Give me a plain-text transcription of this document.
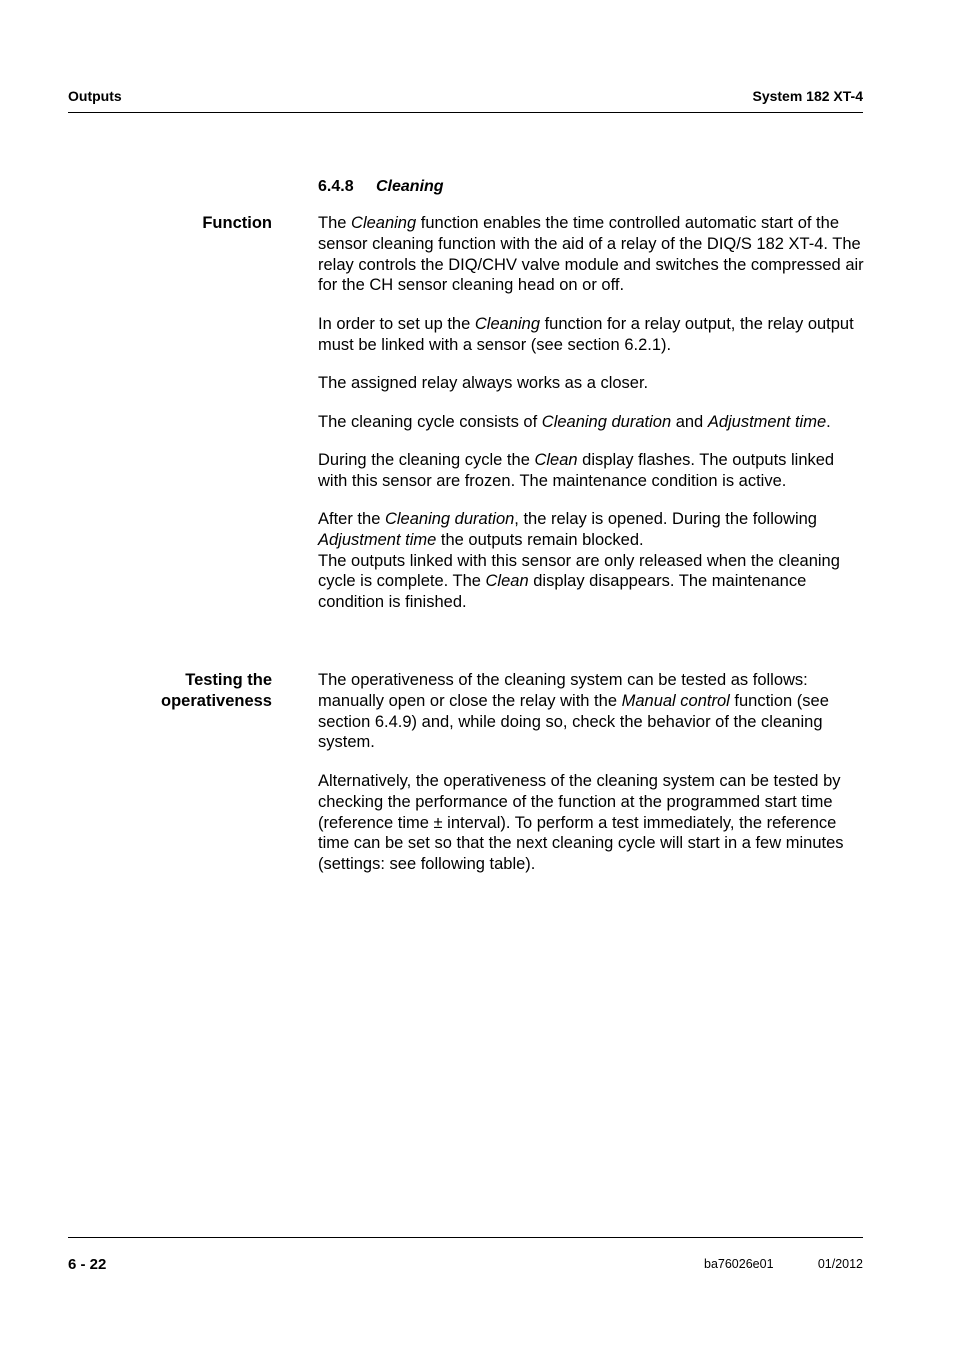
Outputs	System 182 XT-4
6.4.8 Cleaning
Function	The Cleaning function enables the time controlled automatic start of the sensor cleaning function with the aid of a relay of the DIQ/S 182 XT-4. The relay controls the DIQ/CHV valve module and switches the compressed air for the CH sensor cleaning head on or off.
In order to set up the Cleaning function for a relay output, the relay output must be linked with a sensor (see section 6.2.1).
The assigned relay always works as a closer.
The cleaning cycle consists of Cleaning duration and Adjustment time.
During the cleaning cycle the Clean display flashes. The outputs linked with this sensor are frozen. The maintenance condition is active.
After the Cleaning duration, the relay is opened. During the following Adjustment time the outputs remain blocked.
The outputs linked with this sensor are only released when the cleaning cycle is complete. The Clean display disappears. The maintenance condition is finished.
Testing the
operativeness
The operativeness of the cleaning system can be tested as follows: manually open or close the relay with the Manual control function (see section 6.4.9) and, while doing so, check the behavior of the cleaning system.
Alternatively, the operativeness of the cleaning system can be tested by checking the performance of the function at the programmed start time (reference time ± interval). To perform a test immediately, the reference time can be set so that the next cleaning cycle will start in a few minutes (settings: see following table).
6 - 22	ba76026e01	01/2012
